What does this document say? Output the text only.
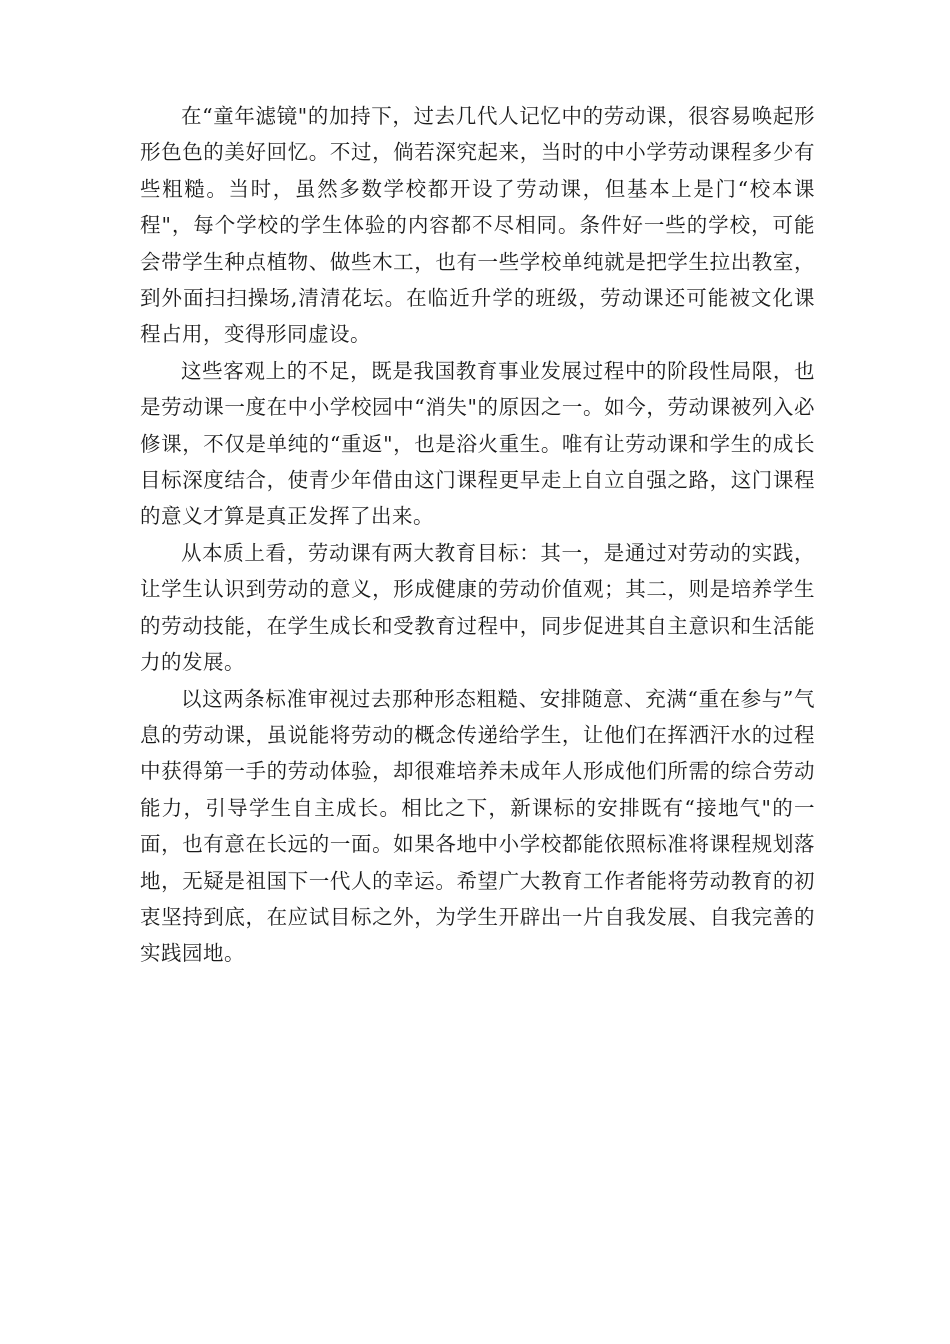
在“童年滤镜"的加持下，过去几代人记忆中的劳动课，很容易唤起形形色色的美好回忆。不过，倘若深究起来，当时的中小学劳动课程多少有些粗糙。当时，虽然多数学校都开设了劳动课，但基本上是门“校本课程"，每个学校的学生体验的内容都不尽相同。条件好一些的学校，可能会带学生种点植物、做些木工，也有一些学校单纯就是把学生拉出教室，到外面扫扫操场,清清花坛。在临近升学的班级，劳动课还可能被文化课程占用，变得形同虚设。

这些客观上的不足，既是我国教育事业发展过程中的阶段性局限，也是劳动课一度在中小学校园中“消失"的原因之一。如今，劳动课被列入必修课，不仅是单纯的“重返"，也是浴火重生。唯有让劳动课和学生的成长目标深度结合，使青少年借由这门课程更早走上自立自强之路，这门课程的意义才算是真正发挥了出来。

从本质上看，劳动课有两大教育目标：其一，是通过对劳动的实践，让学生认识到劳动的意义，形成健康的劳动价值观；其二，则是培养学生的劳动技能，在学生成长和受教育过程中，同步促进其自主意识和生活能力的发展。

以这两条标准审视过去那种形态粗糙、安排随意、充满“重在参与”气息的劳动课，虽说能将劳动的概念传递给学生，让他们在挥洒汗水的过程中获得第一手的劳动体验，却很难培养未成年人形成他们所需的综合劳动能力，引导学生自主成长。相比之下，新课标的安排既有“接地气"的一面，也有意在长远的一面。如果各地中小学校都能依照标准将课程规划落地，无疑是祖国下一代人的幸运。希望广大教育工作者能将劳动教育的初衷坚持到底，在应试目标之外，为学生开辟出一片自我发展、自我完善的实践园地。
